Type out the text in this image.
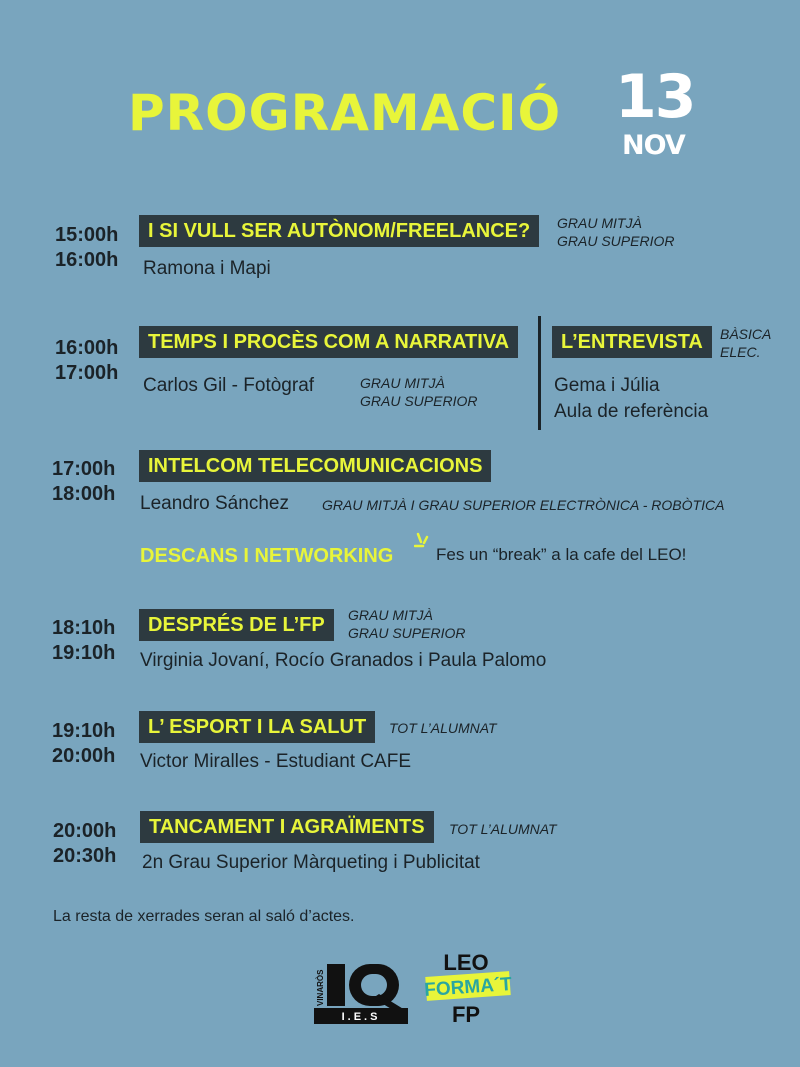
PROGRAMACIÓ 13
NOV
15:00h
16:00h
I SI VULL SER AUTÒNOM/FREELANCE?	GRAU MITJÀ
GRAU SUPERIOR
Ramona i Mapi
16:00h
17:00h
TEMPS I PROCÈS COM A NARRATIVA
Carlos Gil - Fotògraf	GRAU MITJÀ
GRAU SUPERIOR
L’ENTREVISTA	BÀSICA
ELEC.
Gema i Júlia
Aula de referència
17:00h
18:00h
INTELCOM TELECOMUNICACIONS
Leandro Sánchez GRAU MITJÀ I GRAU SUPERIOR ELECTRÒNICA - ROBÒTICA
DESCANS I NETWORKING	Fes un “break” a la cafe del LEO!
18:10h
19:10h
DESPRÉS DE L’FP	GRAU MITJÀ
GRAU SUPERIOR
Virginia Jovaní, Rocío Granados i Paula Palomo
19:10h
20:00h
L’ ESPORT I LA SALUT	TOT L’ALUMNAT
Victor Miralles - Estudiant CAFE
20:00h
20:30h
TANCAMENT I AGRAÏMENTS	TOT L’ALUMNAT
2n Grau Superior Màrqueting i Publicitat
La resta de xerrades seran al saló d’actes.
VINARÒS
I.E.S
LEO
FORMA´T
FP
